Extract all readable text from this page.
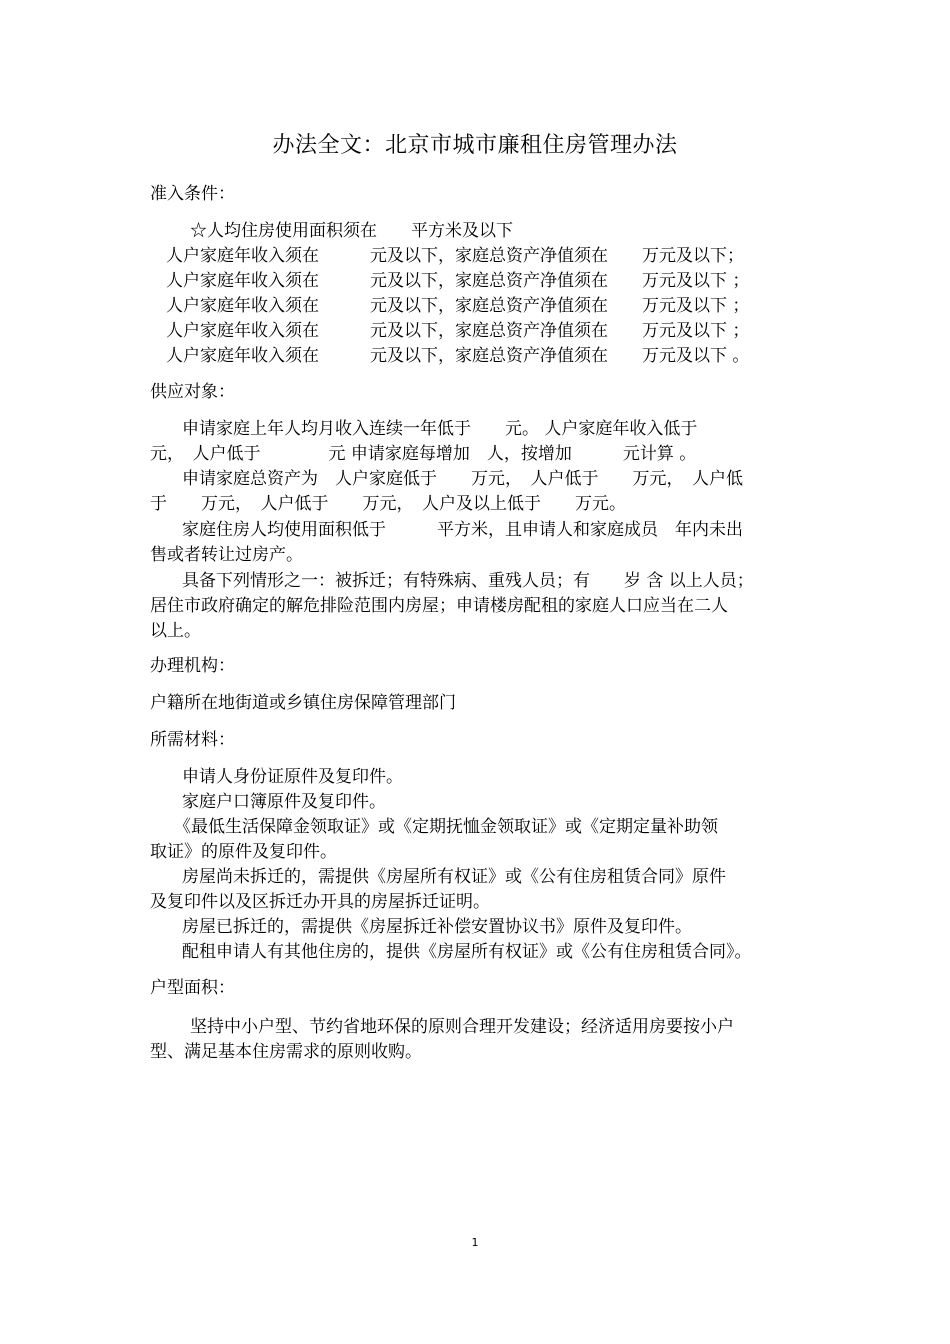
办法全文：北京市城市廉租住房管理办法
准入条件：
☆人均住房使用面积须在　　平方米及以下
人户家庭年收入须在　　　元及以下，家庭总资产净值须在　　万元及以下；
人户家庭年收入须在　　　元及以下，家庭总资产净值须在　　万元及以下 ；
人户家庭年收入须在　　　元及以下，家庭总资产净值须在　　万元及以下 ；
人户家庭年收入须在　　　元及以下，家庭总资产净值须在　　万元及以下 ；
人户家庭年收入须在　　　元及以下，家庭总资产净值须在　　万元及以下 。
供应对象：
申请家庭上年人均月收入连续一年低于　　元。 人户家庭年收入低于
元，　人户低于　　　　元 申请家庭每增加　人，按增加　　　元计算 。
申请家庭总资产为　人户家庭低于　　万元，　人户低于　　万元，　人户低
于　　万元，　人户低于　　万元，　人户及以上低于　　万元。
家庭住房人均使用面积低于　　　平方米，且申请人和家庭成员　年内未出
售或者转让过房产。
具备下列情形之一：被拆迁；有特殊病、重残人员；有　　岁 含 以上人员；
居住市政府确定的解危排险范围内房屋；申请楼房配租的家庭人口应当在二人
以上。
办理机构：
户籍所在地街道或乡镇住房保障管理部门
所需材料：
申请人身份证原件及复印件。
家庭户口簿原件及复印件。
《最低生活保障金领取证》或《定期抚恤金领取证》或《定期定量补助领
取证》的原件及复印件。
房屋尚未拆迁的，需提供《房屋所有权证》或《公有住房租赁合同》原件
及复印件以及区拆迁办开具的房屋拆迁证明。
房屋已拆迁的，需提供《房屋拆迁补偿安置协议书》原件及复印件。
配租申请人有其他住房的，提供《房屋所有权证》或《公有住房租赁合同》。
户型面积：
坚持中小户型、节约省地环保的原则合理开发建设；经济适用房要按小户
型、满足基本住房需求的原则收购。
1
